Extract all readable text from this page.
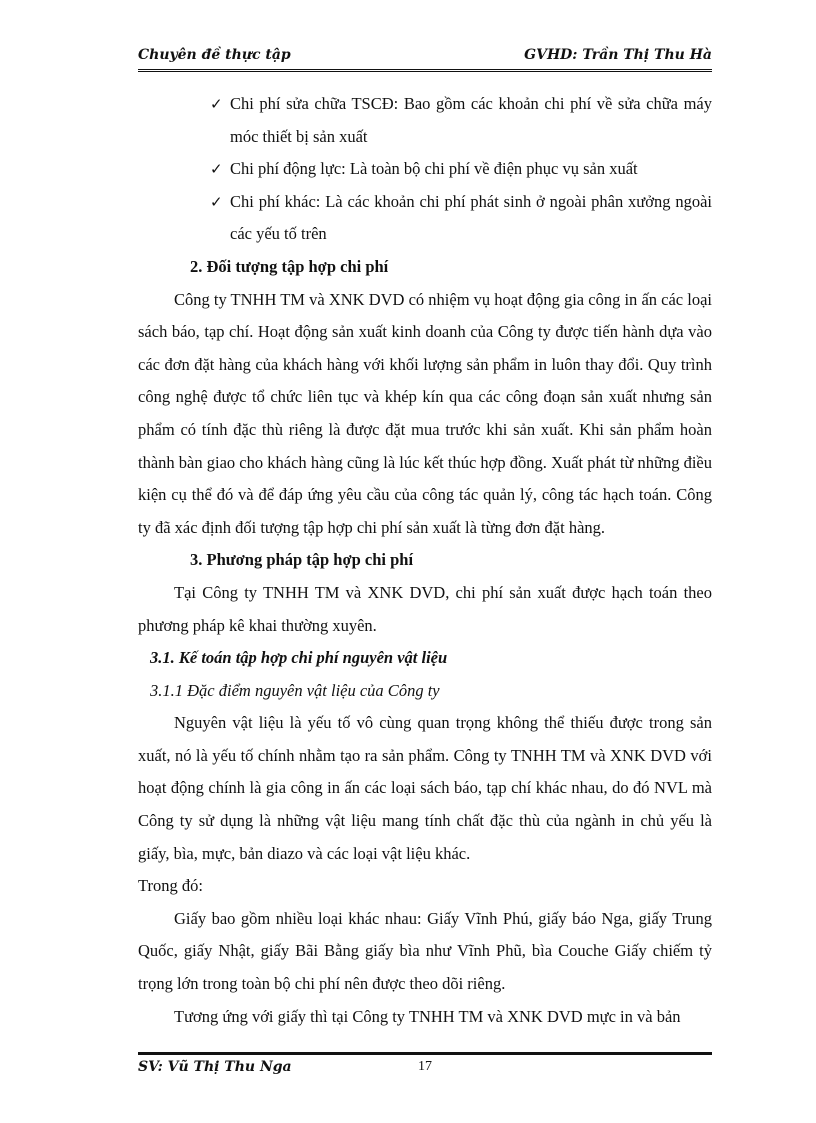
Chuyên đề thực tập	GVHD: Trần Thị Thu Hà

✓ Chi phí sửa chữa TSCĐ: Bao gồm các khoản chi phí về sửa chữa máy móc thiết bị sản xuất

✓ Chi phí động lực: Là toàn bộ chi phí về điện phục vụ sản xuất

✓ Chi phí khác: Là các khoản chi phí phát sinh ở ngoài phân xưởng ngoài các yếu tố trên

2. Đối tượng tập hợp chi phí

Công ty TNHH TM và XNK DVD có nhiệm vụ hoạt động gia công in ấn các loại sách báo, tạp chí. Hoạt động sản xuất kinh doanh của Công ty được tiến hành dựa vào các đơn đặt hàng của khách hàng với khối lượng sản phẩm in luôn thay đổi. Quy trình công nghệ được tổ chức liên tục và khép kín qua các công đoạn sản xuất nhưng sản phẩm có tính đặc thù riêng là được đặt mua trước khi sản xuất. Khi sản phẩm hoàn thành bàn giao cho khách hàng cũng là lúc kết thúc hợp đồng. Xuất phát từ những điều kiện cụ thể đó và để đáp ứng yêu cầu của công tác quản lý, công tác hạch toán. Công ty đã xác định đối tượng tập hợp chi phí sản xuất là từng đơn đặt hàng.

3. Phương pháp tập hợp chi phí

Tại Công ty TNHH TM và XNK DVD, chi phí sản xuất được hạch toán theo phương pháp kê khai thường xuyên.

3.1. Kế toán tập hợp chi phí nguyên vật liệu

3.1.1 Đặc điểm nguyên vật liệu của Công ty

Nguyên vật liệu là yếu tố vô cùng quan trọng không thể thiếu được trong sản xuất, nó là yếu tố chính nhằm tạo ra sản phẩm. Công ty TNHH TM và XNK DVD với hoạt động chính là gia công in ấn các loại sách báo, tạp chí khác nhau, do đó NVL mà Công ty sử dụng là những vật liệu mang tính chất đặc thù của ngành in chủ yếu là giấy, bìa, mực, bản diazo và các loại vật liệu khác.

Trong đó:

Giấy bao gồm nhiều loại khác nhau: Giấy Vĩnh Phú, giấy báo Nga, giấy Trung Quốc, giấy Nhật, giấy Bãi Bằng giấy bìa như Vĩnh Phũ, bìa Couche Giấy chiếm tỷ trọng lớn trong toàn bộ chi phí nên được theo dõi riêng.

Tương ứng với giấy thì tại Công ty TNHH TM và XNK DVD mực in và bản

SV: Vũ Thị Thu Nga	17
